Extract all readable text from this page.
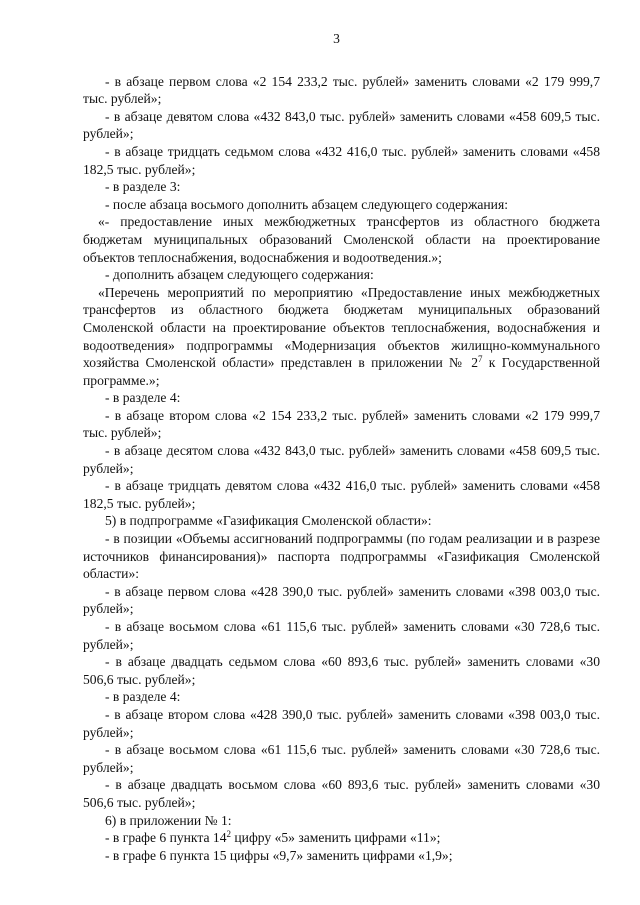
3

- в абзаце первом слова «2 154 233,2 тыс. рублей» заменить словами «2 179 999,7 тыс. рублей»;

- в абзаце девятом слова «432 843,0 тыс. рублей» заменить словами «458 609,5 тыс. рублей»;

- в абзаце тридцать седьмом слова «432 416,0 тыс. рублей» заменить словами «458 182,5 тыс. рублей»;

- в разделе 3:

- после абзаца восьмого дополнить абзацем следующего содержания:

«- предоставление иных межбюджетных трансфертов из областного бюджета бюджетам муниципальных образований Смоленской области на проектирование объектов теплоснабжения, водоснабжения и водоотведения.»;

- дополнить абзацем следующего содержания:

«Перечень мероприятий по мероприятию «Предоставление иных межбюджетных трансфертов из областного бюджета бюджетам муниципальных образований Смоленской области на проектирование объектов теплоснабжения, водоснабжения и водоотведения» подпрограммы «Модернизация объектов жилищно-коммунального хозяйства Смоленской области» представлен в приложении № $2^7$ к Государственной программе.»;

- в разделе 4:

- в абзаце втором слова «2 154 233,2 тыс. рублей» заменить словами «2 179 999,7 тыс. рублей»;

- в абзаце десятом слова «432 843,0 тыс. рублей» заменить словами «458 609,5 тыс. рублей»;

- в абзаце тридцать девятом слова «432 416,0 тыс. рублей» заменить словами «458 182,5 тыс. рублей»;

5) в подпрограмме «Газификация Смоленской области»:

- в позиции «Объемы ассигнований подпрограммы (по годам реализации и в разрезе источников финансирования)» паспорта подпрограммы «Газификация Смоленской области»:

- в абзаце первом слова «428 390,0 тыс. рублей» заменить словами «398 003,0 тыс. рублей»;

- в абзаце восьмом слова «61 115,6 тыс. рублей» заменить словами «30 728,6 тыс. рублей»;

- в абзаце двадцать седьмом слова «60 893,6 тыс. рублей» заменить словами «30 506,6 тыс. рублей»;

- в разделе 4:

- в абзаце втором слова «428 390,0 тыс. рублей» заменить словами «398 003,0 тыс. рублей»;

- в абзаце восьмом слова «61 115,6 тыс. рублей» заменить словами «30 728,6 тыс. рублей»;

- в абзаце двадцать восьмом слова «60 893,6 тыс. рублей» заменить словами «30 506,6 тыс. рублей»;

6) в приложении № 1:

- в графе 6 пункта $14^2$ цифру «5» заменить цифрами «11»;

- в графе 6 пункта 15 цифры «9,7» заменить цифрами «1,9»;
